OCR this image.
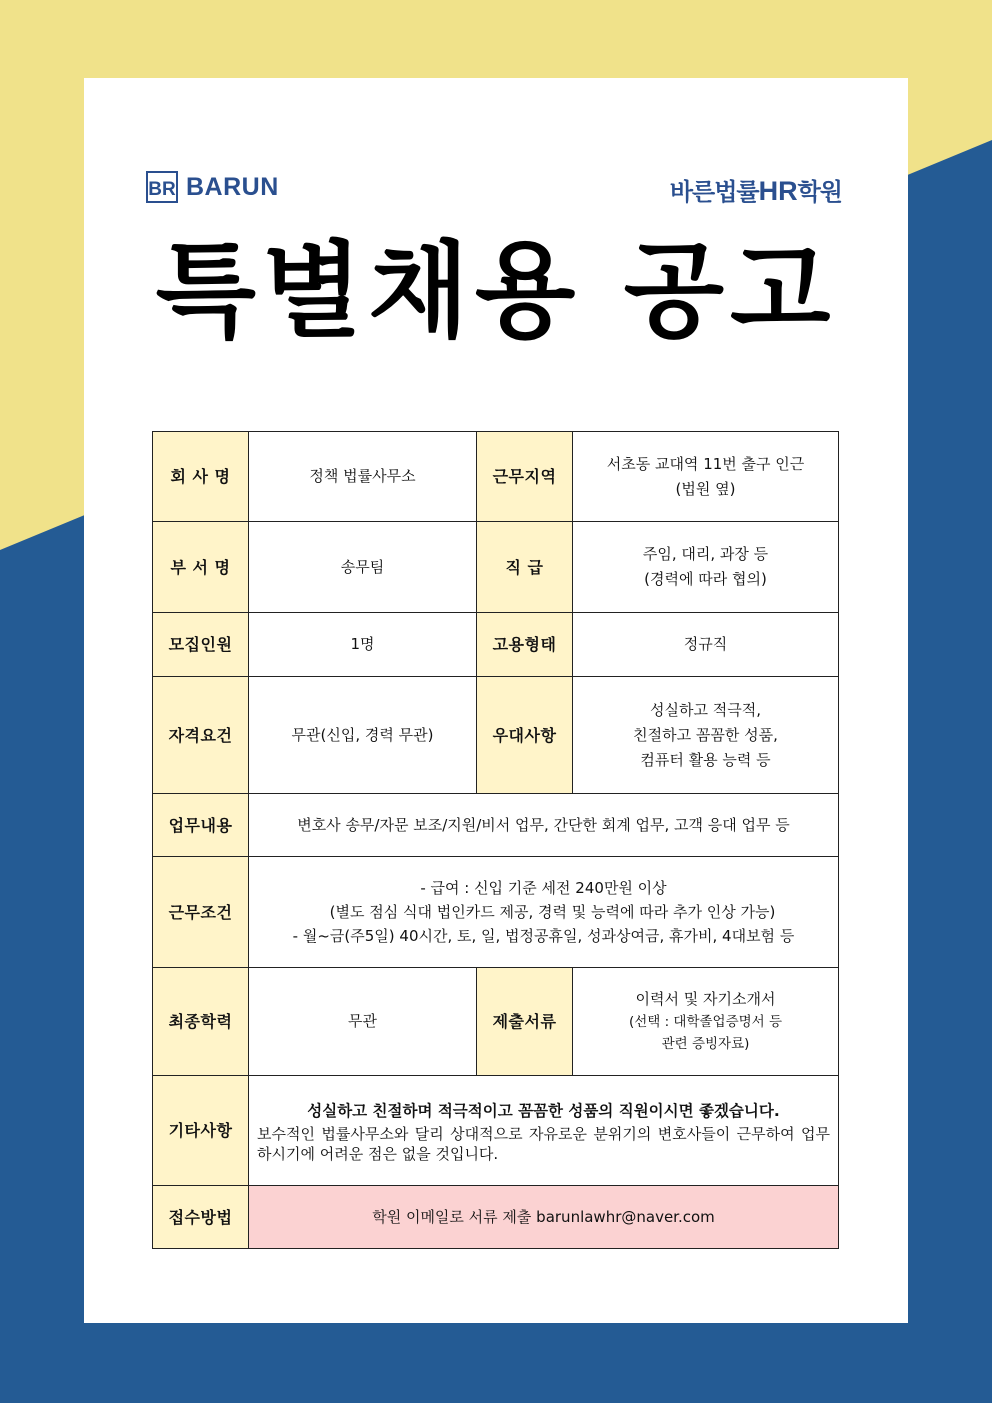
BR BARUN	바른법률HR학원
특별채용 공고
회 사 명	정책 법률사무소	근무지역	서초동 교대역 11번 출구 인근
(법원 옆)

부 서 명	송무팀	직 급	주임, 대리, 과장 등
(경력에 따라 협의)

모집인원	1명	고용형태	정규직
자격요건	무관(신입, 경력 무관)	우대사항	성실하고 적극적,
친절하고 꼼꼼한 성품,
컴퓨터 활용 능력 등

업무내용	변호사 송무/자문 보조/지원/비서 업무, 간단한 회계 업무, 고객 응대 업무 등		
근무조건	- 급여 : 신입 기준 세전 240만원 이상
(별도 점심 식대 법인카드 제공, 경력 및 능력에 따라 추가 인상 가능)
- 월~금(주5일) 40시간, 토, 일, 법정공휴일, 성과상여금, 휴가비, 4대보험 등		

최종학력	무관	제출서류	이력서 및 자기소개서
(선택 : 대학졸업증명서 등
관련 증빙자료)

기타사항	성실하고 친절하며 적극적이고 꼼꼼한 성품의 직원이시면 좋겠습니다.
보수적인 법률사무소와 달리 상대적으로 자유로운 분위기의 변호사들이 근무하여 업무하시기에 어려운 점은 없을 것입니다.		

접수방법	학원 이메일로 서류 제출 barunlawhr@naver.com		
